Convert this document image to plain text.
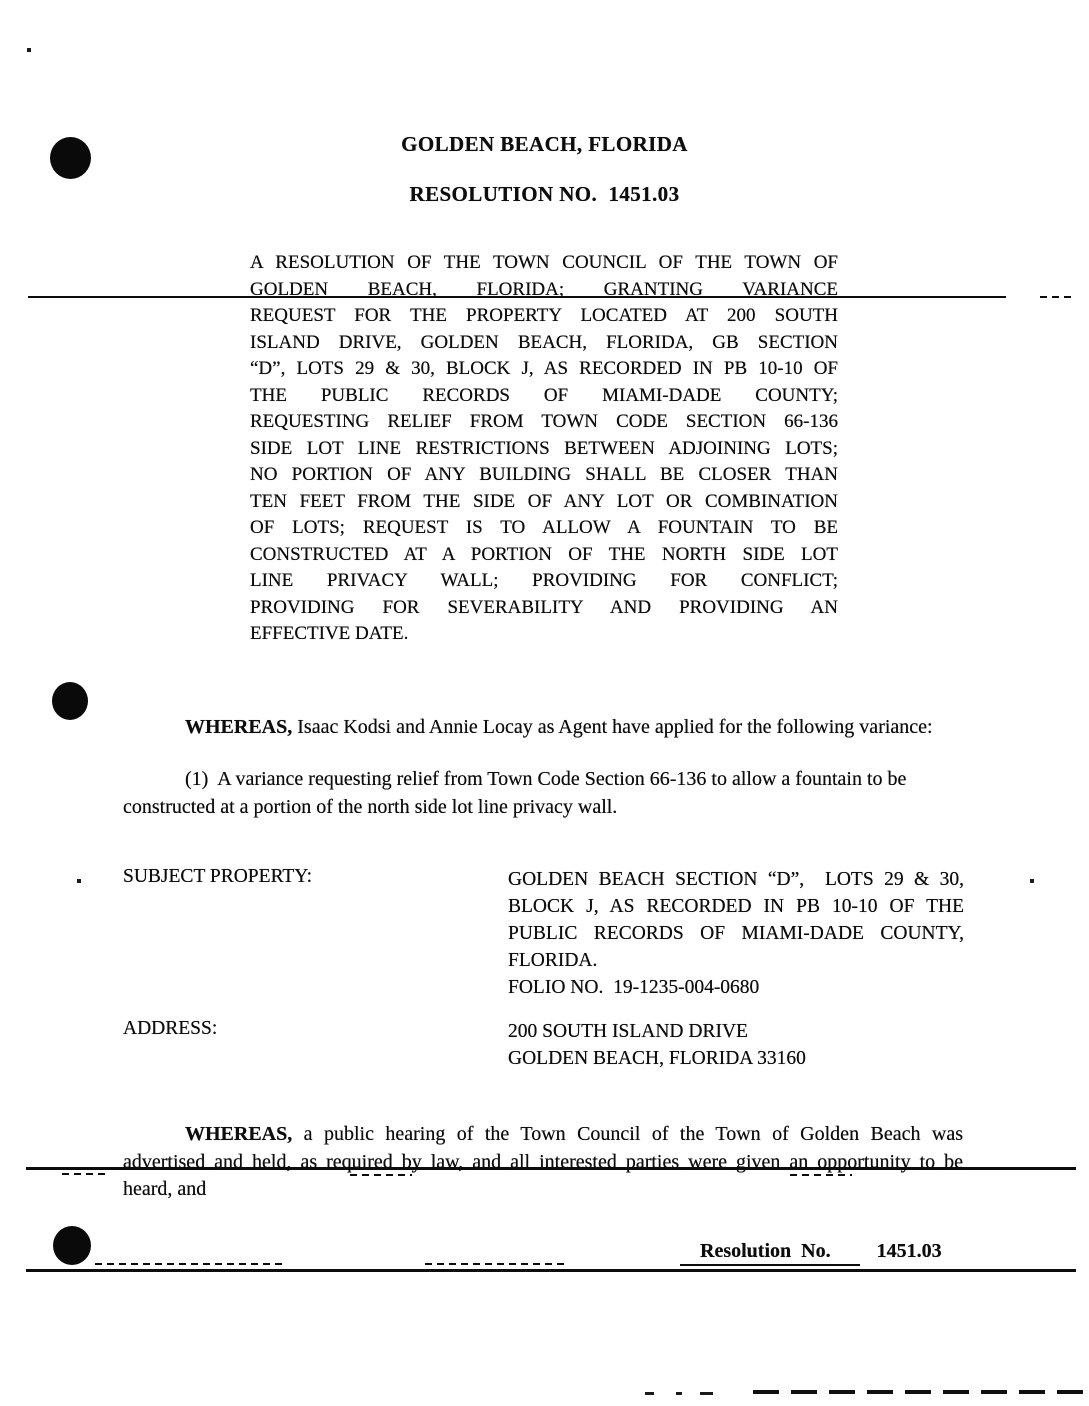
GOLDEN BEACH, FLORIDA
RESOLUTION NO.  1451.03
A RESOLUTION OF THE TOWN COUNCIL OF THE TOWN OF
GOLDEN BEACH, FLORIDA; GRANTING VARIANCE
REQUEST FOR THE PROPERTY LOCATED AT 200 SOUTH
ISLAND DRIVE, GOLDEN BEACH, FLORIDA, GB SECTION
“D”, LOTS 29 & 30, BLOCK J, AS RECORDED IN PB 10-10 OF
THE PUBLIC RECORDS OF MIAMI-DADE COUNTY;
REQUESTING RELIEF FROM TOWN CODE SECTION 66-136
SIDE LOT LINE RESTRICTIONS BETWEEN ADJOINING LOTS;
NO PORTION OF ANY BUILDING SHALL BE CLOSER THAN
TEN FEET FROM THE SIDE OF ANY LOT OR COMBINATION
OF LOTS; REQUEST IS TO ALLOW A FOUNTAIN TO BE
CONSTRUCTED AT A PORTION OF THE NORTH SIDE LOT
LINE PRIVACY WALL; PROVIDING FOR CONFLICT;
PROVIDING FOR SEVERABILITY AND PROVIDING AN
EFFECTIVE DATE.
WHEREAS, Isaac Kodsi and Annie Locay as Agent have applied for the following variance:
(1)  A variance requesting relief from Town Code Section 66-136 to allow a fountain to be
constructed at a portion of the north side lot line privacy wall.
SUBJECT PROPERTY:	GOLDEN BEACH SECTION “D”,  LOTS 29 & 30,
BLOCK J, AS RECORDED IN PB 10-10 OF THE
PUBLIC RECORDS OF MIAMI-DADE COUNTY,
FLORIDA.
FOLIO NO.  19-1235-004-0680
ADDRESS:	200 SOUTH ISLAND DRIVE
GOLDEN BEACH, FLORIDA 33160
WHEREAS, a public hearing of the Town Council of the Town of Golden Beach was
advertised and held, as required by law, and all interested parties were given an opportunity to be
heard, and
Resolution  No. 1451.03
